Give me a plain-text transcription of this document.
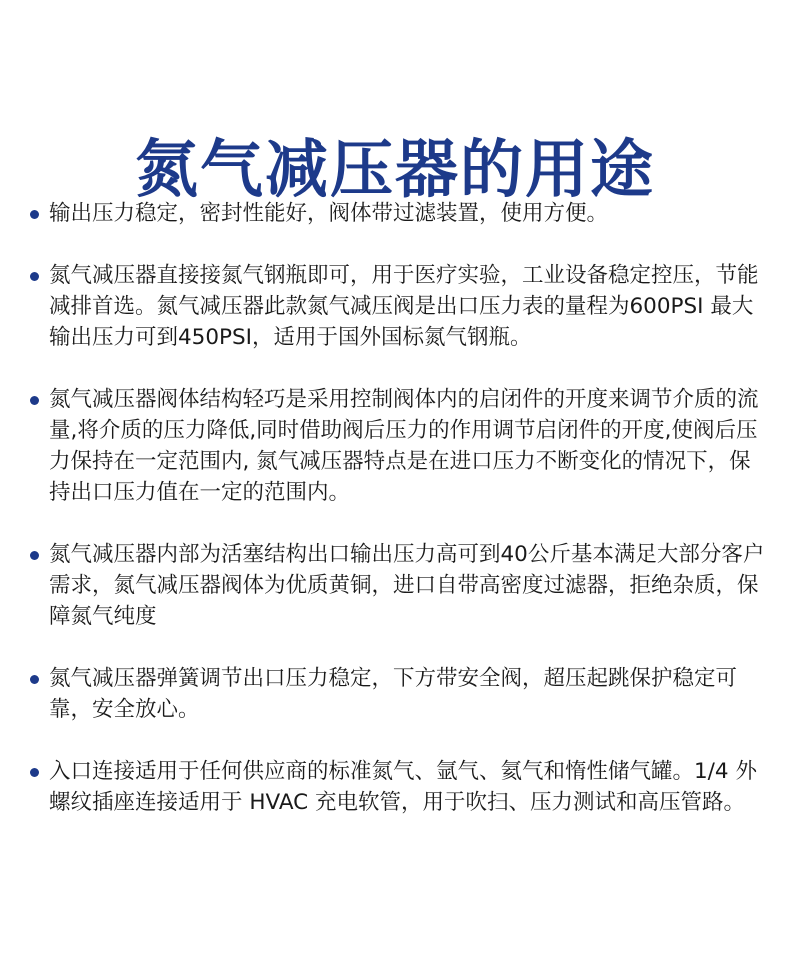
氮气减压器的用途
输出压力稳定，密封性能好，阀体带过滤装置，使用方便。
氮气减压器直接接氮气钢瓶即可，用于医疗实验，工业设备稳定控压，节能减排首选。氮气减压器此款氮气减压阀是出口压力表的量程为600PSI 最大输出压力可到450PSI，适用于国外国标氮气钢瓶。
氮气减压器阀体结构轻巧是采用控制阀体内的启闭件的开度来调节介质的流量,将介质的压力降低,同时借助阀后压力的作用调节启闭件的开度,使阀后压力保持在一定范围内, 氮气减压器特点是在进口压力不断变化的情况下，保持出口压力值在一定的范围内。
氮气减压器内部为活塞结构出口输出压力高可到40公斤基本满足大部分客户需求，氮气减压器阀体为优质黄铜，进口自带高密度过滤器，拒绝杂质，保障氮气纯度
氮气减压器弹簧调节出口压力稳定，下方带安全阀，超压起跳保护稳定可靠，安全放心。
入口连接适用于任何供应商的标准氮气、氩气、氦气和惰性储气罐。1/4 外螺纹插座连接适用于 HVAC 充电软管，用于吹扫、压力测试和高压管路。
